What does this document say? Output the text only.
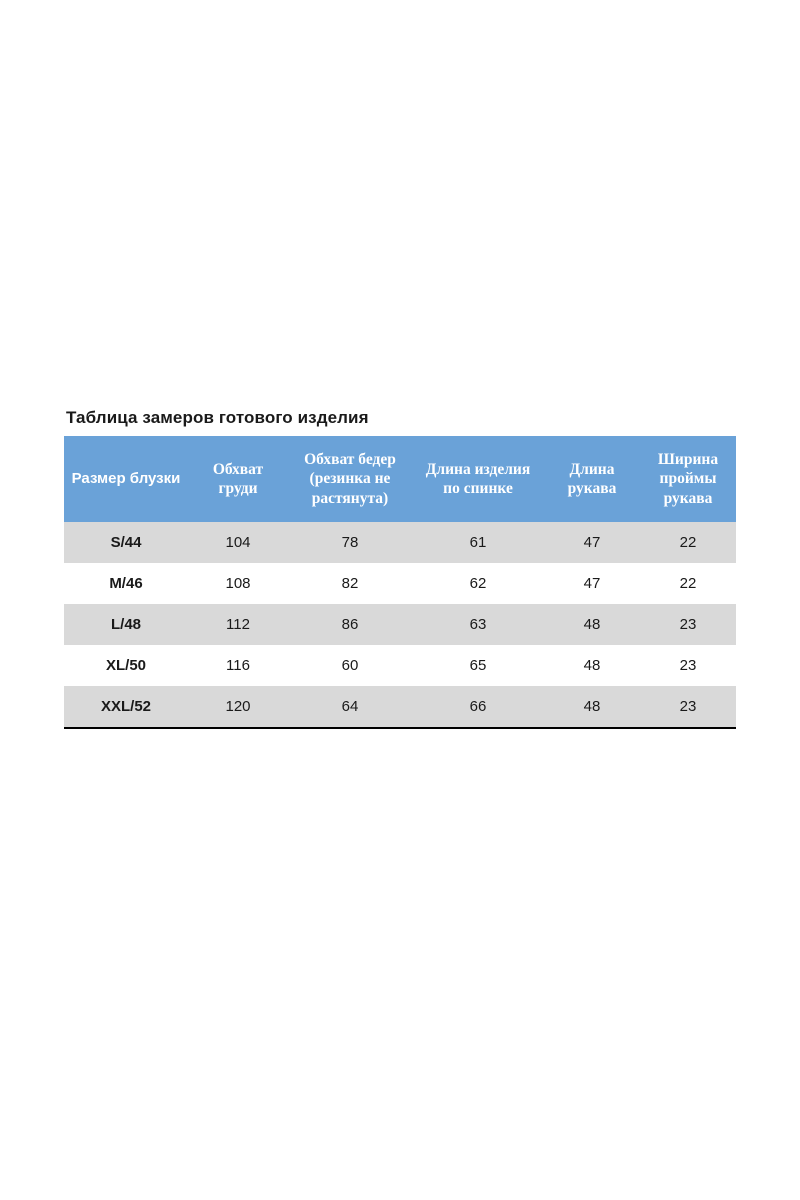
Таблица замеров готового изделия
Размер блузки	Обхват груди	Обхват бедер (резинка не растянута)	Длина изделия по спинке	Длина рукава	Ширина проймы рукава
S/44	104	78	61	47	22
M/46	108	82	62	47	22
L/48	112	86	63	48	23
XL/50	116	60	65	48	23
XXL/52	120	64	66	48	23
